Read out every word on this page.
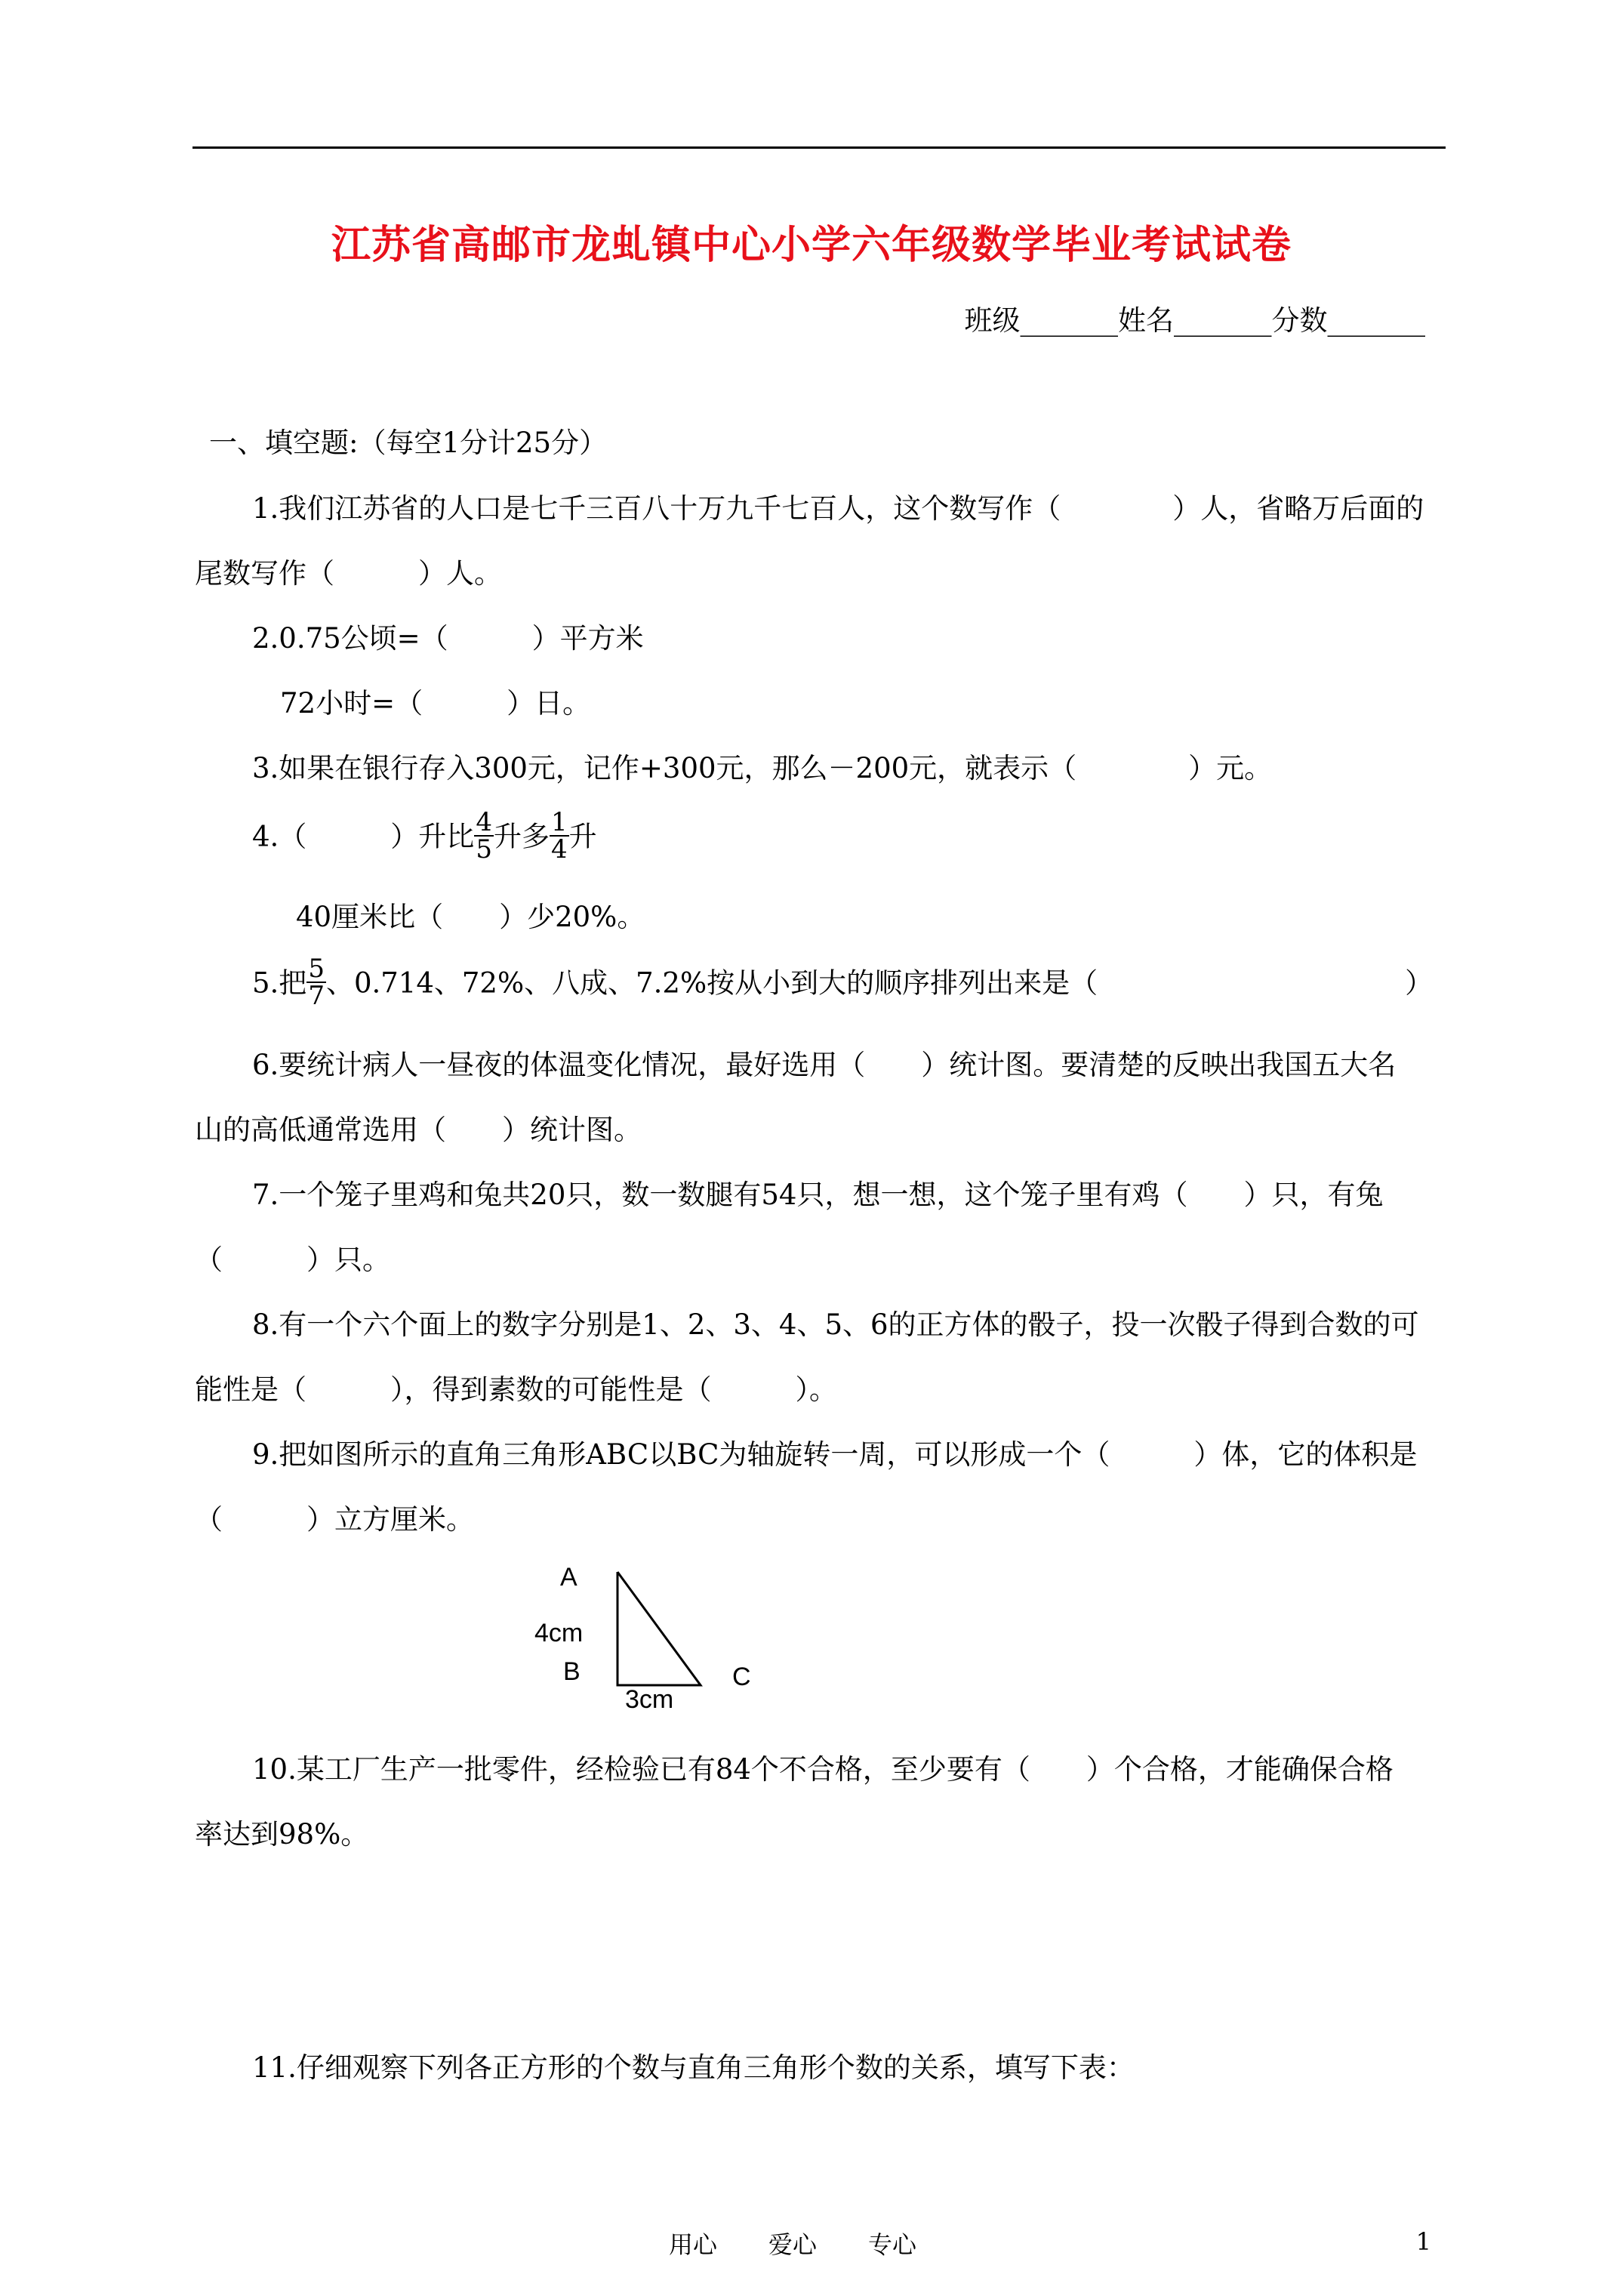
江苏省高邮市龙虬镇中心小学六年级数学毕业考试试卷
班级_______姓名_______分数_______
一、填空题:（每空1分计25分）
1.我们江苏省的人口是七千三百八十万九千七百人，这个数写作（　　　　）人，省略万后面的
尾数写作（　　　）人。
2.0.75公顷=（　　　）平方米
72小时=（　　　）日。
3.如果在银行存入300元，记作+300元，那么－200元，就表示（　　　　）元。
4.（　　　）升比 $\frac{4}{5}$ 升多 $\frac{1}{4}$ 升
40厘米比（　　）少20%。
5.把 $\frac{5}{7}$ 、0.714、72%、八成、7.2%按从小到大的顺序排列出来是（　　　　　　　　　　　）
6.要统计病人一昼夜的体温变化情况，最好选用（　　）统计图。要清楚的反映出我国五大名
山的高低通常选用（　　）统计图。
7.一个笼子里鸡和兔共20只，数一数腿有54只，想一想，这个笼子里有鸡（　　）只，有兔
（　　　）只。
8.有一个六个面上的数字分别是1、2、3、4、5、6的正方体的骰子，投一次骰子得到合数的可
能性是（　　　），得到素数的可能性是（　　　）。
9.把如图所示的直角三角形ABC以BC为轴旋转一周，可以形成一个（　　　）体，它的体积是
（　　　）立方厘米。
A
4cm
B	C
3cm
10.某工厂生产一批零件，经检验已有84个不合格，至少要有（　　）个合格，才能确保合格
率达到98%。
11.仔细观察下列各正方形的个数与直角三角形个数的关系，填写下表：
用心 爱心 专心	1
